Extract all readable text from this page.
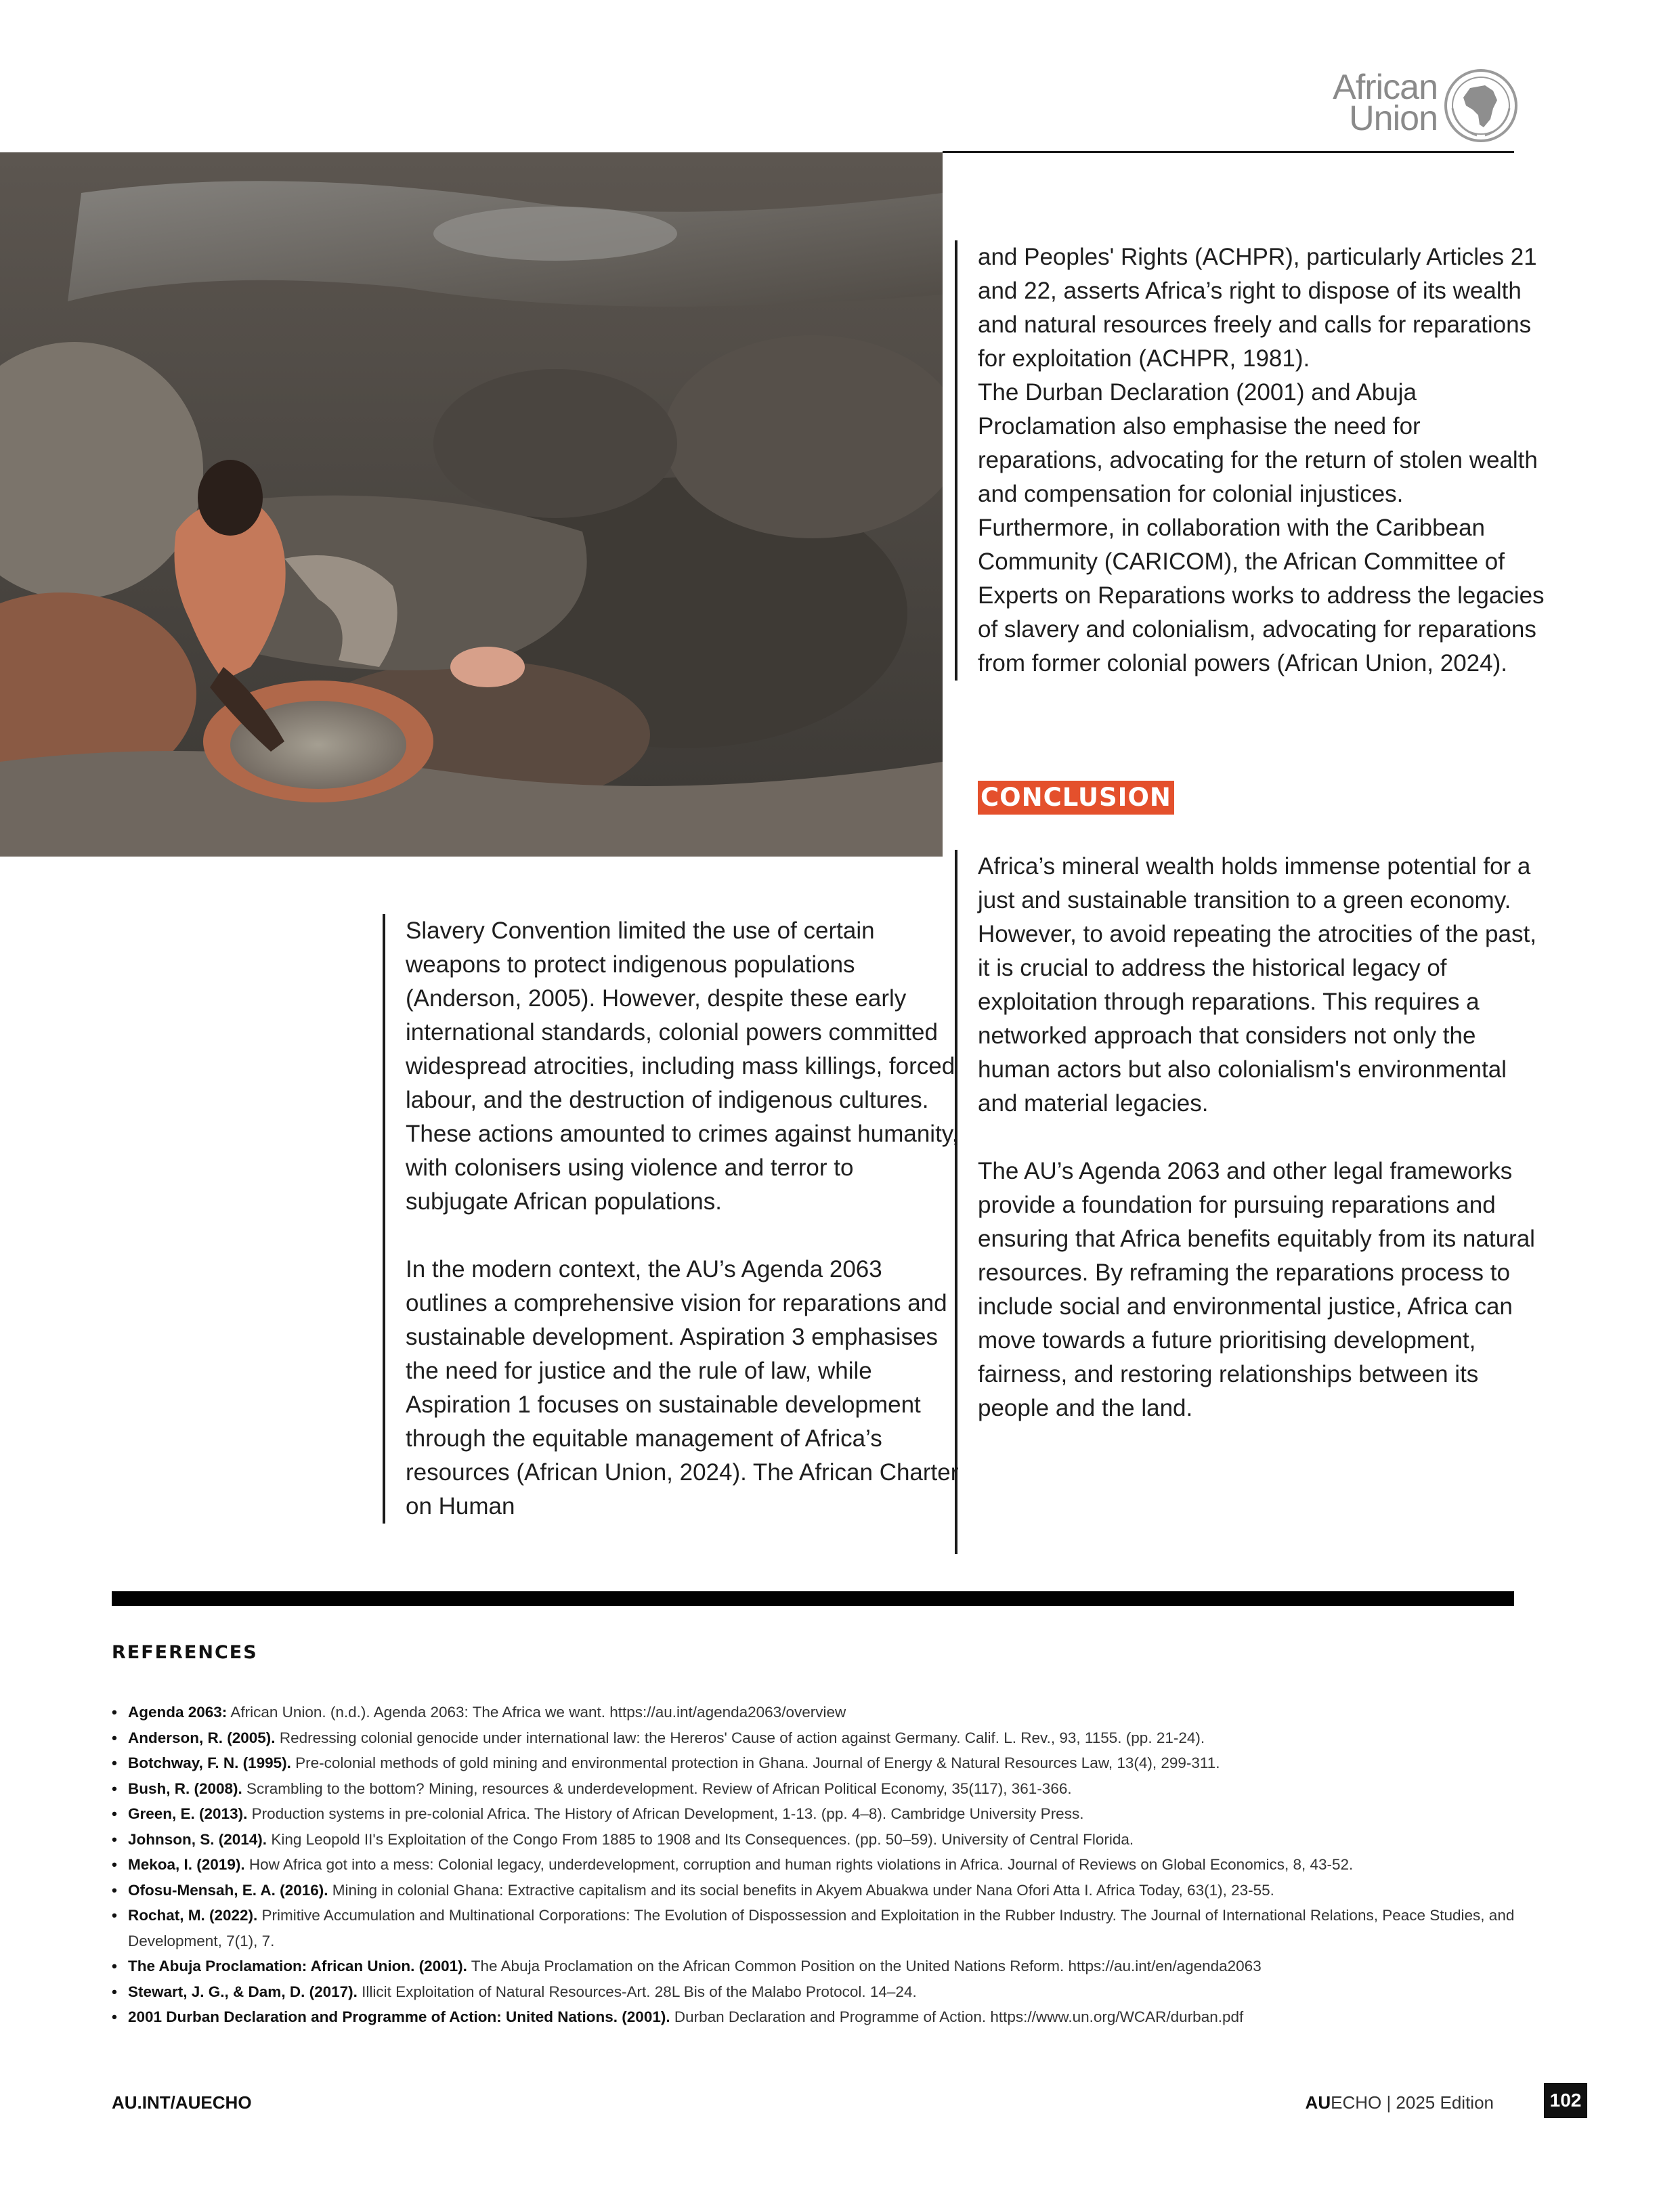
African
Union

Slavery Convention limited the use of certain weapons to protect indigenous populations (Anderson, 2005). However, despite these early international standards, colonial powers committed widespread atrocities, including mass killings, forced labour, and the destruction of indigenous cultures. These actions amounted to crimes against humanity, with colonisers using violence and terror to subjugate African populations.

In the modern context, the AU’s Agenda 2063 outlines a comprehensive vision for reparations and sustainable development. Aspiration 3 emphasises the need for justice and the rule of law, while Aspiration 1 focuses on sustainable development through the equitable management of Africa’s resources (African Union, 2024). The African Charter on Human

and Peoples' Rights (ACHPR), particularly Articles 21 and 22, asserts Africa’s right to dispose of its wealth and natural resources freely and calls for reparations for exploitation (ACHPR, 1981).

The Durban Declaration (2001) and Abuja Proclamation also emphasise the need for reparations, advocating for the return of stolen wealth and compensation for colonial injustices. Furthermore, in collaboration with the Caribbean Community (CARICOM), the African Committee of Experts on Reparations works to address the legacies of slavery and colonialism, advocating for reparations from former colonial powers (African Union, 2024).

CONCLUSION

Africa’s mineral wealth holds immense potential for a just and sustainable transition to a green economy. However, to avoid repeating the atrocities of the past, it is crucial to address the historical legacy of exploitation through reparations. This requires a networked approach that considers not only the human actors but also colonialism's environmental and material legacies.

The AU’s Agenda 2063 and other legal frameworks provide a foundation for pursuing reparations and ensuring that Africa benefits equitably from its natural resources. By reframing the reparations process to include social and environmental justice, Africa can move towards a future prioritising development, fairness, and restoring relationships between its people and the land.

REFERENCES
• Agenda 2063: African Union. (n.d.). Agenda 2063: The Africa we want. https://au.int/agenda2063/overview
• Anderson, R. (2005). Redressing colonial genocide under international law: the Hereros' Cause of action against Germany. Calif. L. Rev., 93, 1155. (pp. 21-24).
• Botchway, F. N. (1995). Pre-colonial methods of gold mining and environmental protection in Ghana. Journal of Energy & Natural Resources Law, 13(4), 299-311.
• Bush, R. (2008). Scrambling to the bottom? Mining, resources & underdevelopment. Review of African Political Economy, 35(117), 361-366.
• Green, E. (2013). Production systems in pre-colonial Africa. The History of African Development, 1-13. (pp. 4–8). Cambridge University Press.
• Johnson, S. (2014). King Leopold II's Exploitation of the Congo From 1885 to 1908 and Its Consequences. (pp. 50–59). University of Central Florida.
• Mekoa, I. (2019). How Africa got into a mess: Colonial legacy, underdevelopment, corruption and human rights violations in Africa. Journal of Reviews on Global Economics, 8, 43-52.
• Ofosu-Mensah, E. A. (2016). Mining in colonial Ghana: Extractive capitalism and its social benefits in Akyem Abuakwa under Nana Ofori Atta I. Africa Today, 63(1), 23-55.
• Rochat, M. (2022). Primitive Accumulation and Multinational Corporations: The Evolution of Dispossession and Exploitation in the Rubber Industry. The Journal of International Relations, Peace Studies, and Development, 7(1), 7.
• The Abuja Proclamation: African Union. (2001). The Abuja Proclamation on the African Common Position on the United Nations Reform. https://au.int/en/agenda2063
• Stewart, J. G., & Dam, D. (2017). Illicit Exploitation of Natural Resources-Art. 28L Bis of the Malabo Protocol. 14–24.
• 2001 Durban Declaration and Programme of Action: United Nations. (2001). Durban Declaration and Programme of Action. https://www.un.org/WCAR/durban.pdf
AU.INT/AUECHO	AUECHO | 2025 Edition	102
